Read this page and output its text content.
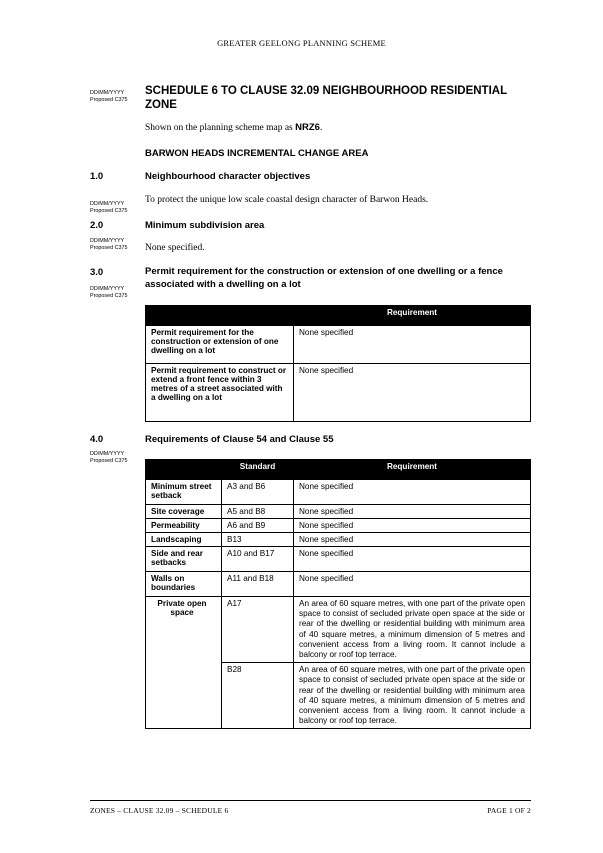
GREATER GEELONG PLANNING SCHEME
DD/MM/YYYY
Proposed C375
SCHEDULE 6 TO CLAUSE 32.09 NEIGHBOURHOOD RESIDENTIAL ZONE
Shown on the planning scheme map as NRZ6.
BARWON HEADS INCREMENTAL CHANGE AREA
1.0	Neighbourhood character objectives
DD/MM/YYYY
Proposed C375
To protect the unique low scale coastal design character of Barwon Heads.
2.0	Minimum subdivision area
DD/MM/YYYY
Proposed C375	None specified.
3.0	Permit requirement for the construction or extension of one dwelling or a fence associated with a dwelling on a lot
DD/MM/YYYY
Proposed C375
	Requirement
Permit requirement for the construction or extension of one dwelling on a lot	None specified
Permit requirement to construct or extend a front fence within 3 metres of a street associated with a dwelling on a lot	None specified
4.0	Requirements of Clause 54 and Clause 55
DD/MM/YYYY
Proposed C375
	Standard	Requirement
Minimum street setback	A3 and B6	None specified
Site coverage	A5 and B8	None specified
Permeability	A6 and B9	None specified
Landscaping	B13	None specified
Side and rear setbacks	A10 and B17	None specified
Walls on boundaries	A11 and B18	None specified
Private open space	A17	An area of 60 square metres, with one part of the private open space to consist of secluded private open space at the side or rear of the dwelling or residential building with minimum area of 40 square metres, a minimum dimension of 5 metres and convenient access from a living room. It cannot include a balcony or roof top terrace.
	B28	An area of 60 square metres, with one part of the private open space to consist of secluded private open space at the side or rear of the dwelling or residential building with minimum area of 40 square metres, a minimum dimension of 5 metres and convenient access from a living room. It cannot include a balcony or roof top terrace.
ZONES – CLAUSE 32.09 – SCHEDULE 6	PAGE 1 OF 2
